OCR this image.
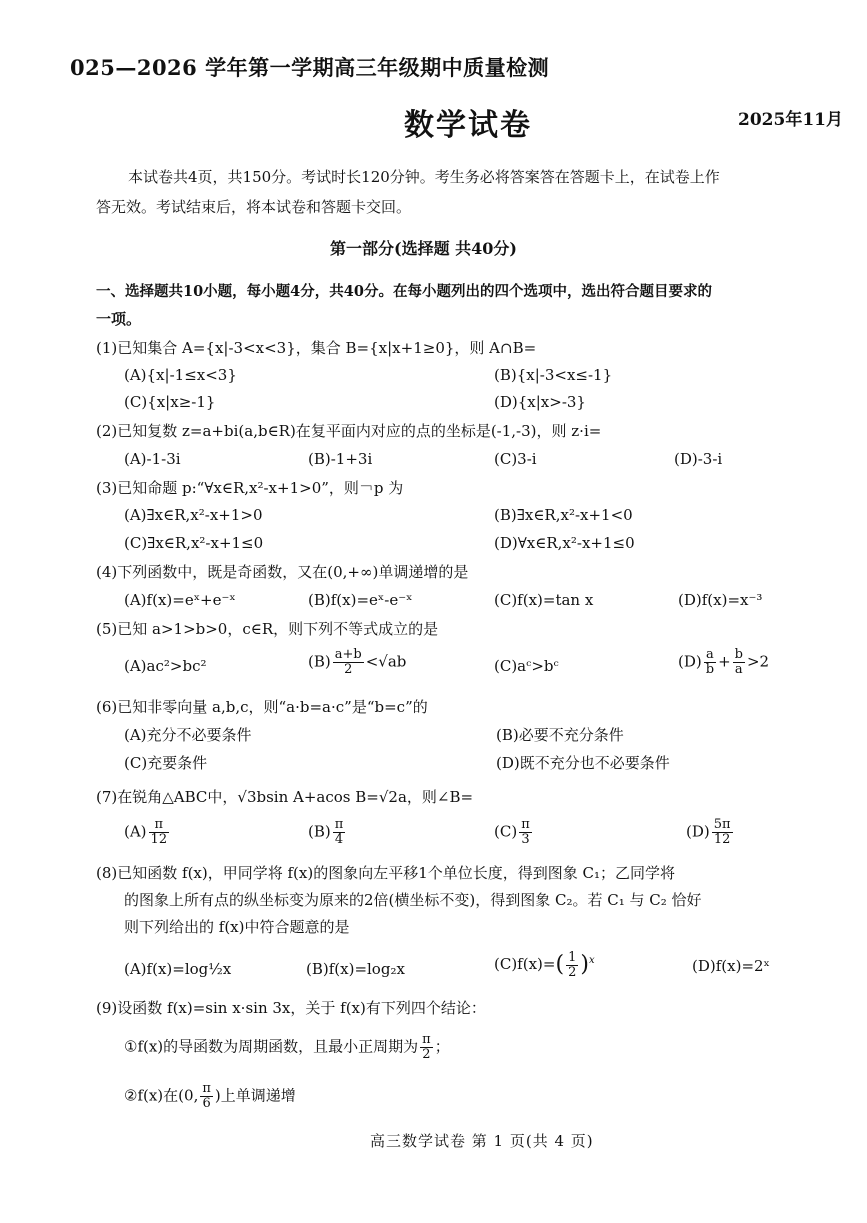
025—2026 学年第一学期高三年级期中质量检测
数学试卷	2025年11月
本试卷共4页，共150分。考试时长120分钟。考生务必将答案答在答题卡上，在试卷上作
答无效。考试结束后，将本试卷和答题卡交回。
第一部分(选择题 共40分)
一、选择题共10小题，每小题4分，共40分。在每小题列出的四个选项中，选出符合题目要求的
一项。
(1)已知集合 A={x|-3<x<3}，集合 B={x|x+1≥0}，则 A∩B=
(A){x|-1≤x<3}	(B){x|-3<x≤-1}
(C){x|x≥-1}	(D){x|x>-3}
(2)已知复数 z=a+bi(a,b∈R)在复平面内对应的点的坐标是(-1,-3)，则 z·i=
(A)-1-3i	(B)-1+3i	(C)3-i	(D)-3-i
(3)已知命题 p:“∀x∈R,x²-x+1>0”，则￢p 为
(A)∃x∈R,x²-x+1>0	(B)∃x∈R,x²-x+1<0
(C)∃x∈R,x²-x+1≤0	(D)∀x∈R,x²-x+1≤0
(4)下列函数中，既是奇函数，又在(0,+∞)单调递增的是
(A)f(x)=eˣ+e⁻ˣ	(B)f(x)=eˣ-e⁻ˣ	(C)f(x)=tan x	(D)f(x)=x⁻³
(5)已知 a>1>b>0，c∈R，则下列不等式成立的是
(A)ac²>bc²	$(B) \frac{a+b}{2} <√ab$	(C)aᶜ>bᶜ	$(D) \frac{a}{b} + \frac{b}{a} >2$
(6)已知非零向量 a,b,c，则“a·b=a·c”是“b=c”的
(A)充分不必要条件	(B)必要不充分条件
(C)充要条件	(D)既不充分也不必要条件
(7)在锐角△ABC中，√3bsin A+acos B=√2a，则∠B=
$(A) \frac{\pi}{12}$	$(B) \frac{\pi}{4}$	$(C) \frac{\pi}{3}$	$(D) \frac{5\pi}{12}$
(8)已知函数 f(x)，甲同学将 f(x)的图象向左平移1个单位长度，得到图象 C₁；乙同学将
的图象上所有点的纵坐标变为原来的2倍(横坐标不变)，得到图象 C₂。若 C₁ 与 C₂ 恰好
则下列给出的 f(x)中符合题意的是
(A)f(x)=log½x	(B)f(x)=log₂x	$(C)f(x)=( \frac{1}{2} )^x$	(D)f(x)=2ˣ
(9)设函数 f(x)=sin x·sin 3x，关于 f(x)有下列四个结论：
①f(x)的导函数为周期函数，且最小正周期为 $\frac{\pi}{2}$ ；
②f(x)在(0, $\frac{\pi}{6}$ )上单调递增
高三数学试卷 第 1 页(共 4 页)
